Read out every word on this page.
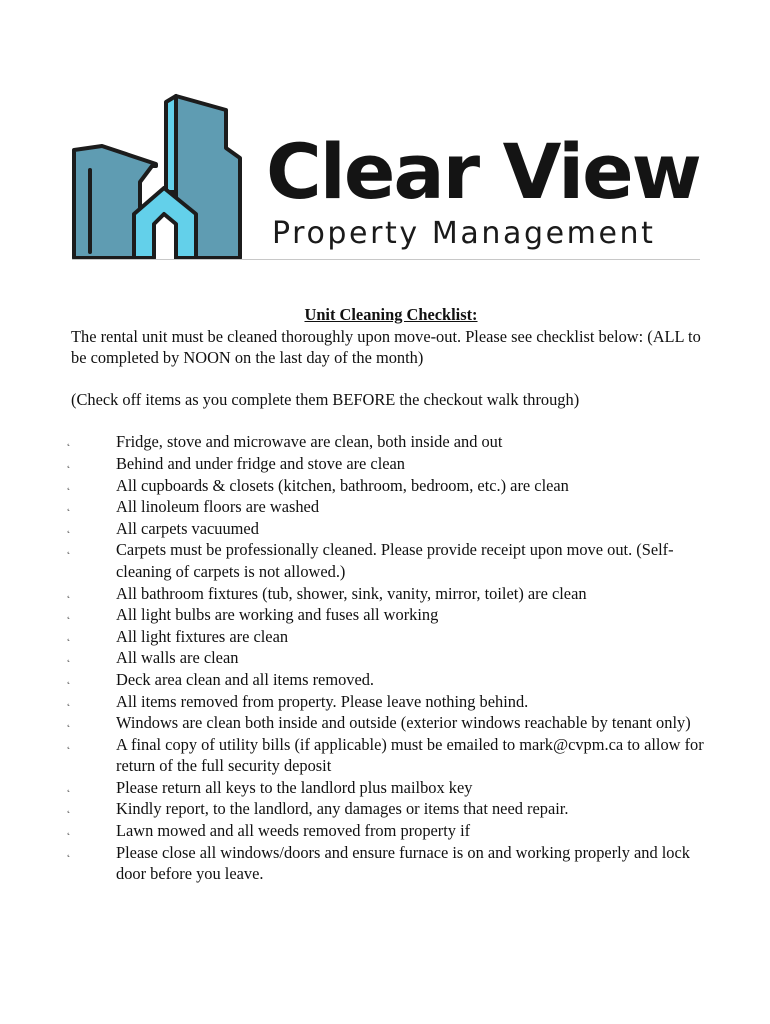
Clear View
Property Management
Unit Cleaning Checklist:

The rental unit must be cleaned thoroughly upon move-out. Please see checklist below: (ALL to be completed by NOON on the last day of the month)

(Check off items as you complete them BEFORE the checkout walk through)

˛	Fridge, stove and microwave are clean, both inside and out
˛	Behind and under fridge and stove are clean
˛	All cupboards & closets (kitchen, bathroom, bedroom, etc.) are clean
˛	All linoleum floors are washed
˛	All carpets vacuumed
˛	Carpets must be professionally cleaned. Please provide receipt upon move out. (Self-cleaning of carpets is not allowed.)
˛	All bathroom fixtures (tub, shower, sink, vanity, mirror, toilet) are clean
˛	All light bulbs are working and fuses all working
˛	All light fixtures are clean
˛	All walls are clean
˛	Deck area clean and all items removed.
˛	All items removed from property. Please leave nothing behind.
˛	Windows are clean both inside and outside (exterior windows reachable by tenant only)
˛	A final copy of utility bills (if applicable) must be emailed to mark@cvpm.ca to allow for return of the full security deposit
˛	Please return all keys to the landlord plus mailbox key
˛	Kindly report, to the landlord, any damages or items that need repair.
˛	Lawn mowed and all weeds removed from property if
˛	Please close all windows/doors and ensure furnace is on and working properly and lock door before you leave.
